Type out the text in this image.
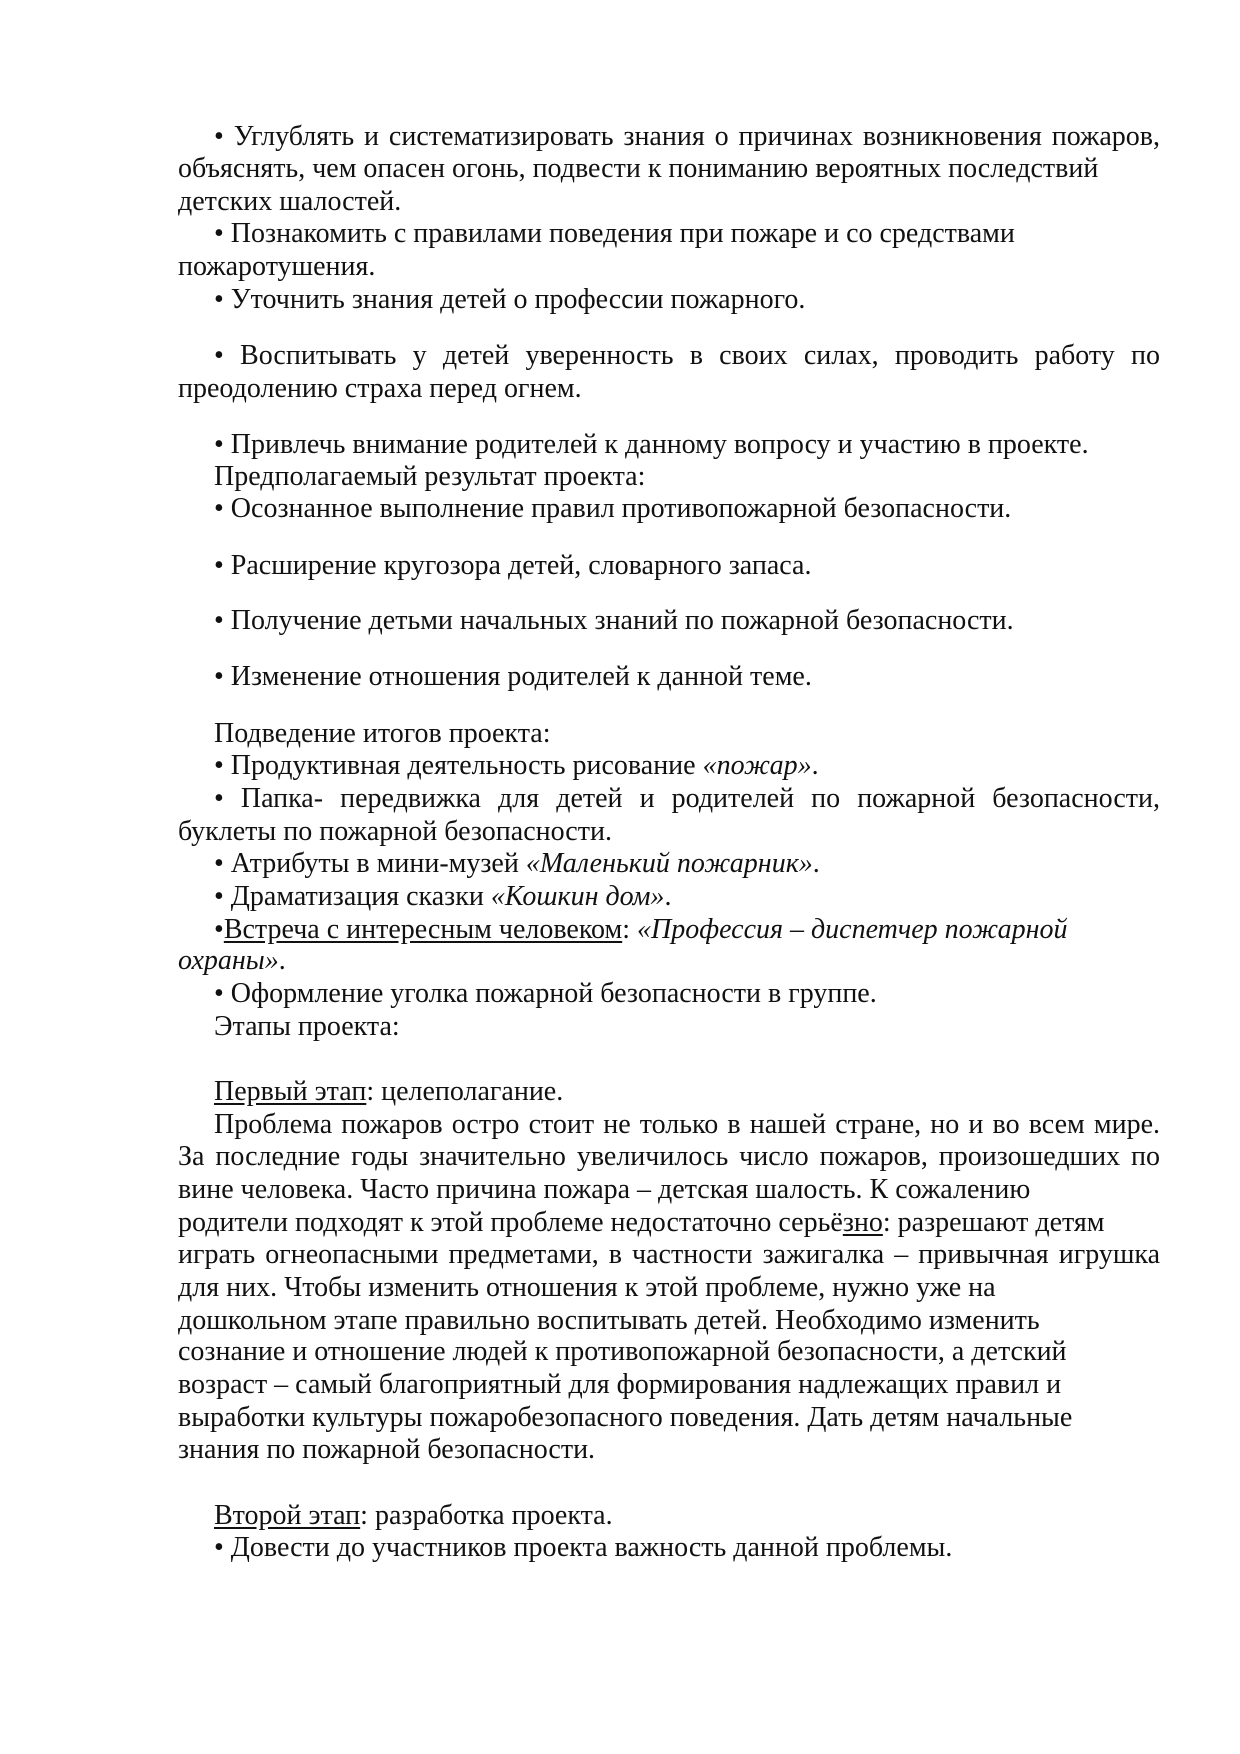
• Углублять и систематизировать знания о причинах возникновения пожаров,
объяснять, чем опасен огонь, подвести к пониманию вероятных последствий
детских шалостей.
• Познакомить с правилами поведения при пожаре и со средствами
пожаротушения.
• Уточнить знания детей о профессии пожарного.
• Воспитывать у детей уверенность в своих силах, проводить работу по
преодолению страха перед огнем.
• Привлечь внимание родителей к данному вопросу и участию в проекте.
Предполагаемый результат проекта:
• Осознанное выполнение правил противопожарной безопасности.
• Расширение кругозора детей, словарного запаса.
• Получение детьми начальных знаний по пожарной безопасности.
• Изменение отношения родителей к данной теме.
Подведение итогов проекта:
• Продуктивная деятельность рисование «пожар».
• Папка- передвижка для детей и родителей по пожарной безопасности,
буклеты по пожарной безопасности.
• Атрибуты в мини-музей «Маленький пожарник».
• Драматизация сказки «Кошкин дом».
•Встреча с интересным человеком: «Профессия – диспетчер пожарной
охраны».
• Оформление уголка пожарной безопасности в группе.
Этапы проекта:
Первый этап: целеполагание.
Проблема пожаров остро стоит не только в нашей стране, но и во всем мире.
За последние годы значительно увеличилось число пожаров, произошедших по
вине человека. Часто причина пожара – детская шалость. К сожалению
родители подходят к этой проблеме недостаточно серьёзно: разрешают детям
играть огнеопасными предметами, в частности зажигалка – привычная игрушка
для них. Чтобы изменить отношения к этой проблеме, нужно уже на
дошкольном этапе правильно воспитывать детей. Необходимо изменить
сознание и отношение людей к противопожарной безопасности, а детский
возраст – самый благоприятный для формирования надлежащих правил и
выработки культуры пожаробезопасного поведения. Дать детям начальные
знания по пожарной безопасности.
Второй этап: разработка проекта.
• Довести до участников проекта важность данной проблемы.
